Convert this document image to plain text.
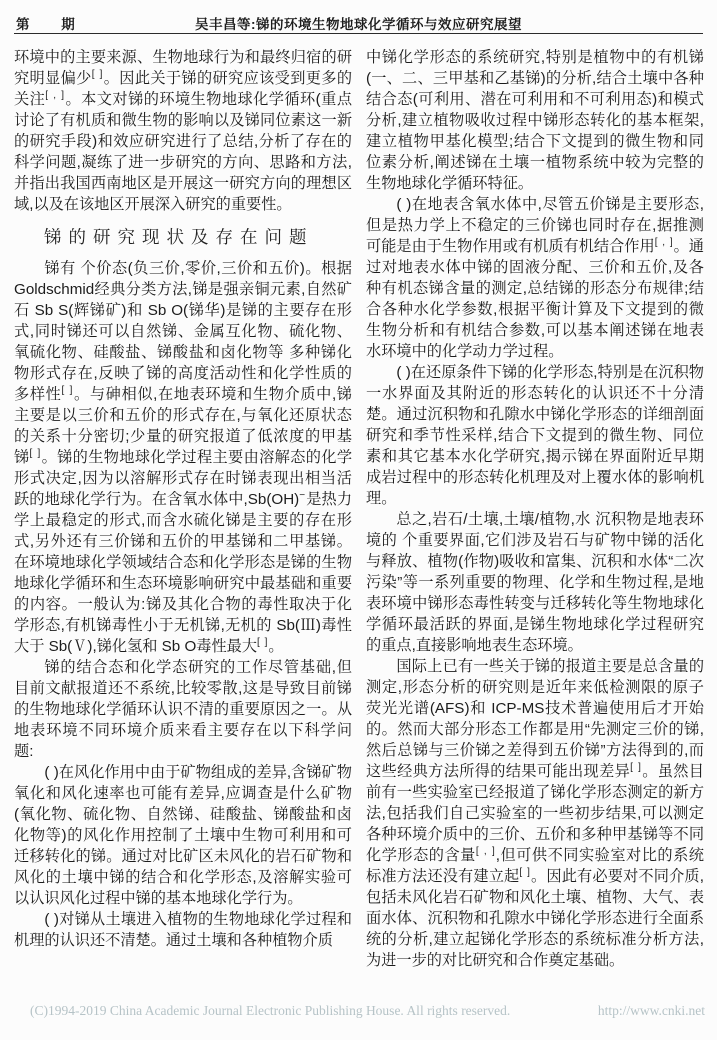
第 期	吴丰昌等:锑的环境生物地球化学循环与效应研究展望

环境中的主要来源、生物地球行为和最终归宿的研究明显偏少[ ]。因此关于锑的研究应该受到更多的关注[ , ]。本文对锑的环境生物地球化学循环(重点讨论了有机质和微生物的影响以及锑同位素这一新的研究手段)和效应研究进行了总结,分析了存在的科学问题,凝练了进一步研究的方向、思路和方法,并指出我国西南地区是开展这一研究方向的理想区域,以及在该地区开展深入研究的重要性。

锑的研究现状及存在问题

锑有 个价态(负三价,零价,三价和五价)。根据 Goldschmid经典分类方法,锑是强亲铜元素,自然矿石 Sb S(辉锑矿)和 Sb O(锑华)是锑的主要存在形式,同时锑还可以自然锑、金属互化物、硫化物、氧硫化物、硅酸盐、锑酸盐和卤化物等 多种锑化物形式存在,反映了锑的高度活动性和化学性质的多样性[ ]。与砷相似,在地表环境和生物介质中,锑主要是以三价和五价的形式存在,与氧化还原状态的关系十分密切;少量的研究报道了低浓度的甲基锑[ ]。锑的生物地球化学过程主要由溶解态的化学形式决定,因为以溶解形式存在时锑表现出相当活跃的地球化学行为。在含氧水体中,Sb(OH)−是热力学上最稳定的形式,而含水硫化锑是主要的存在形式,另外还有三价锑和五价的甲基锑和二甲基锑。在环境地球化学领域结合态和化学形态是锑的生物地球化学循环和生态环境影响研究中最基础和重要的内容。一般认为:锑及其化合物的毒性取决于化学形态,有机锑毒性小于无机锑,无机的 Sb(Ⅲ)毒性大于 Sb(Ⅴ),锑化氢和 Sb O毒性最大[ ]。

锑的结合态和化学态研究的工作尽管基础,但目前文献报道还不系统,比较零散,这是导致目前锑的生物地球化学循环认识不清的重要原因之一。从地表环境不同环境介质来看主要存在以下科学问题:

( )在风化作用中由于矿物组成的差异,含锑矿物氧化和风化速率也可能有差异,应调查是什么矿物(氧化物、硫化物、自然锑、硅酸盐、锑酸盐和卤化物等)的风化作用控制了土壤中生物可利用和可迁移转化的锑。通过对比矿区未风化的岩石矿物和风化的土壤中锑的结合和化学形态,及溶解实验可以认识风化过程中锑的基本地球化学行为。

( )对锑从土壤进入植物的生物地球化学过程和机理的认识还不清楚。通过土壤和各种植物介质

中锑化学形态的系统研究,特别是植物中的有机锑(一、二、三甲基和乙基锑)的分析,结合土壤中各种结合态(可利用、潜在可利用和不可利用态)和模式分析,建立植物吸收过程中锑形态转化的基本框架,建立植物甲基化模型;结合下文提到的微生物和同位素分析,阐述锑在土壤一植物系统中较为完整的生物地球化学循环特征。

( )在地表含氧水体中,尽管五价锑是主要形态,但是热力学上不稳定的三价锑也同时存在,据推测可能是由于生物作用或有机质有机结合作用[ , ]。通过对地表水体中锑的固液分配、三价和五价,及各种有机态锑含量的测定,总结锑的形态分布规律;结合各种水化学参数,根据平衡计算及下文提到的微生物分析和有机结合参数,可以基本阐述锑在地表水环境中的化学动力学过程。

( )在还原条件下锑的化学形态,特别是在沉积物一水界面及其附近的形态转化的认识还不十分清楚。通过沉积物和孔隙水中锑化学形态的详细剖面研究和季节性采样,结合下文提到的微生物、同位素和其它基本水化学研究,揭示锑在界面附近早期成岩过程中的形态转化机理及对上覆水体的影响机理。

总之,岩石/土壤,土壤/植物,水 沉积物是地表环境的 个重要界面,它们涉及岩石与矿物中锑的活化与释放、植物(作物)吸收和富集、沉积和水体“二次污染”等一系列重要的物理、化学和生物过程,是地表环境中锑形态毒性转变与迁移转化等生物地球化学循环最活跃的界面,是锑生物地球化学过程研究的重点,直接影响地表生态环境。

国际上已有一些关于锑的报道主要是总含量的测定,形态分析的研究则是近年来低检测限的原子荧光光谱(AFS)和 ICP-MS技术普遍使用后才开始的。然而大部分形态工作都是用“先测定三价的锑,然后总锑与三价锑之差得到五价锑”方法得到的,而这些经典方法所得的结果可能出现差异[ ]。虽然目前有一些实验室已经报道了锑化学形态测定的新方法,包括我们自己实验室的一些初步结果,可以测定各种环境介质中的三价、五价和多种甲基锑等不同化学形态的含量[ , ],但可供不同实验室对比的系统标准方法还没有建立起[ ]。因此有必要对不同介质,包括未风化岩石矿物和风化土壤、植物、大气、表面水体、沉积物和孔隙水中锑化学形态进行全面系统的分析,建立起锑化学形态的系统标准分析方法,为进一步的对比研究和合作奠定基础。

(C)1994-2019 China Academic Journal Electronic Publishing House. All rights reserved.	http://www.cnki.net
